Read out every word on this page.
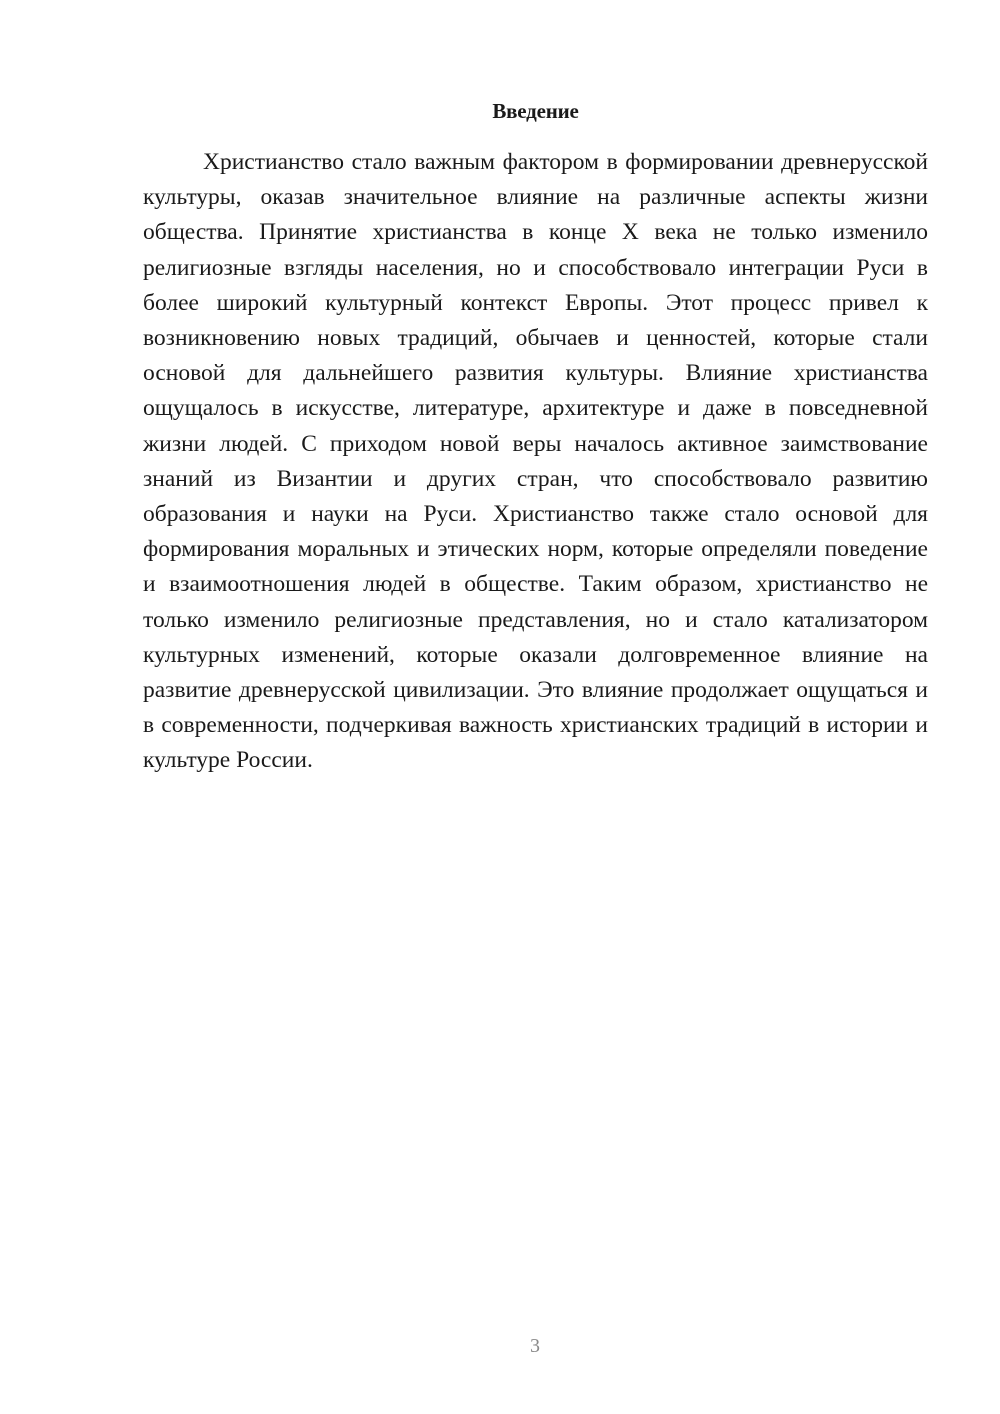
Введение

Христианство стало важным фактором в формировании древнерусской культуры, оказав значительное влияние на различные аспекты жизни общества. Принятие христианства в конце X века не только изменило религиозные взгляды населения, но и способствовало интеграции Руси в более широкий культурный контекст Европы. Этот процесс привел к возникновению новых традиций, обычаев и ценностей, которые стали основой для дальнейшего развития культуры. Влияние христианства ощущалось в искусстве, литературе, архитектуре и даже в повседневной жизни людей. С приходом новой веры началось активное заимствование знаний из Византии и других стран, что способствовало развитию образования и науки на Руси. Христианство также стало основой для формирования моральных и этических норм, которые определяли поведение и взаимоотношения людей в обществе. Таким образом, христианство не только изменило религиозные представления, но и стало катализатором культурных изменений, которые оказали долговременное влияние на развитие древнерусской цивилизации. Это влияние продолжает ощущаться и в современности, подчеркивая важность христианских традиций в истории и культуре России.

3
